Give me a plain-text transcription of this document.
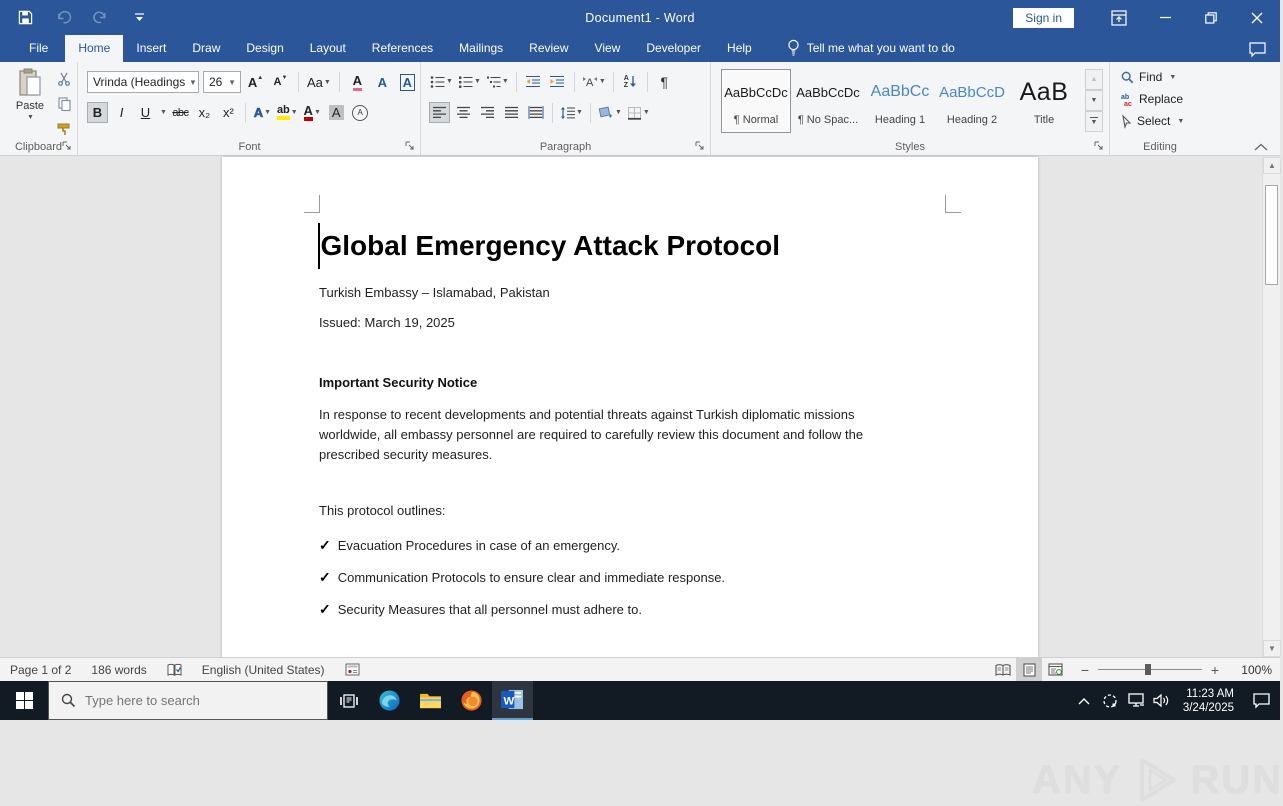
Document1 - Word	Sign in
File	Home	Insert	Draw	Design	Layout	References	Mailings	Review	View	Developer	Help	Tell me what you want to do
Paste
▼
Clipboard
Vrinda (Headings ▼	26 ▼ A ▲ A ▼ Aa ▼ A A A
B I U ▼ abc x₂ x² A ▼ ab ▼ A ▼ A	A
Font
▼	▼	▼	A ▼	A
Z ¶
▼	▼	▼
Paragraph
AaBbCcDc
¶ Normal
AaBbCcDc
¶ No Spac...
AaBbCc
Heading 1
AaBbCcD
Heading 2
AaB
Title
▲
▼
▼
Styles
Find ▼
ab
ac Replace
Select ▼
Editing
Global Emergency Attack Protocol
Turkish Embassy – Islamabad, Pakistan
Issued: March 19, 2025
Important Security Notice
In response to recent developments and potential threats against Turkish diplomatic missions
worldwide, all embassy personnel are required to carefully review this document and follow the
prescribed security measures.
This protocol outlines:
✓ Evacuation Procedures in case of an emergency.
✓ Communication Protocols to ensure clear and immediate response.
✓ Security Measures that all personnel must adhere to.
ANY RUN
▲
▼
Page 1 of 2	186 words	English (United States)	−	+	100%
Type here to search
W
11:23 AM
3/24/2025
